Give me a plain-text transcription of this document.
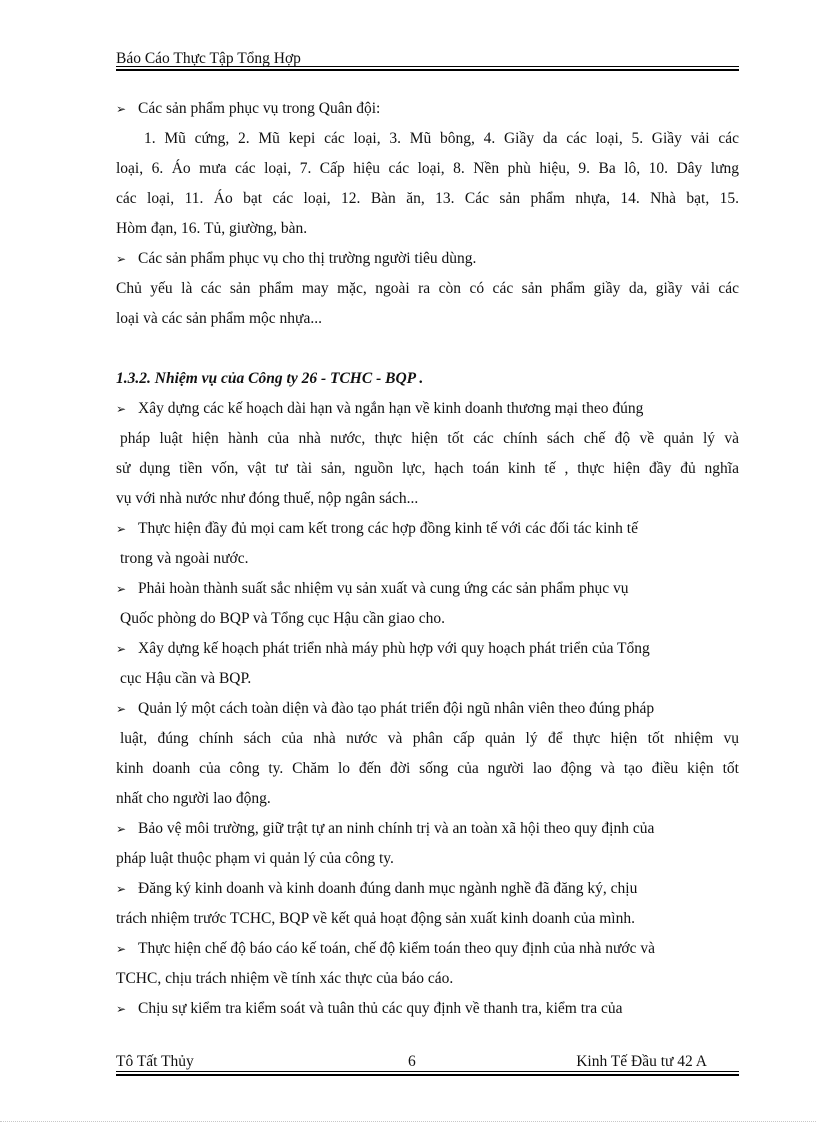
Báo Cáo Thực Tập Tổng Hợp
➢ Các sản phẩm phục vụ trong Quân đội:
1. Mũ cứng, 2. Mũ kepi các loại, 3. Mũ bông, 4. Giầy da các loại, 5. Giầy vải các
loại, 6. Áo mưa các loại, 7. Cấp hiệu các loại, 8. Nền phù hiệu, 9. Ba lô, 10. Dây lưng
các loại, 11. Áo bạt các loại, 12. Bàn ăn, 13. Các sản phẩm nhựa, 14. Nhà bạt, 15.
Hòm đạn, 16. Tủ, giường, bàn.
➢ Các sản phẩm phục vụ cho thị trường người tiêu dùng.
Chủ yếu là các sản phẩm may mặc, ngoài ra còn có các sản phẩm giầy da, giầy vải các
loại và các sản phẩm mộc nhựa...
1.3.2. Nhiệm vụ của Công ty 26 - TCHC - BQP .
➢ Xây dựng các kế hoạch dài hạn và ngắn hạn về kinh doanh thương mại theo đúng
pháp luật hiện hành của nhà nước, thực hiện tốt các chính sách chế độ về quản lý và
sử dụng tiền vốn, vật tư tài sản, nguồn lực, hạch toán kinh tế , thực hiện đầy đủ nghĩa
vụ với nhà nước như đóng thuế, nộp ngân sách...
➢ Thực hiện đầy đủ mọi cam kết trong các hợp đồng kinh tế với các đối tác kinh tế
trong và ngoài nước.
➢ Phải hoàn thành suất sắc nhiệm vụ sản xuất và cung ứng các sản phẩm phục vụ
Quốc phòng do BQP và Tổng cục Hậu cần giao cho.
➢ Xây dựng kế hoạch phát triển nhà máy phù hợp với quy hoạch phát triển của Tổng
cục Hậu cần và BQP.
➢ Quản lý một cách toàn diện và đào tạo phát triển đội ngũ nhân viên theo đúng pháp
luật, đúng chính sách của nhà nước và phân cấp quản lý để thực hiện tốt nhiệm vụ
kinh doanh của công ty. Chăm lo đến đời sống của người lao động và tạo điều kiện tốt
nhất cho người lao động.
➢ Bảo vệ môi trường, giữ trật tự an ninh chính trị và an toàn xã hội theo quy định của
pháp luật thuộc phạm vi quản lý của công ty.
➢ Đăng ký kinh doanh và kinh doanh đúng danh mục ngành nghề đã đăng ký, chịu
trách nhiệm trước TCHC, BQP về kết quả hoạt động sản xuất kinh doanh của mình.
➢ Thực hiện chế độ báo cáo kế toán, chế độ kiểm toán theo quy định của nhà nước và
TCHC, chịu trách nhiệm về tính xác thực của báo cáo.
➢ Chịu sự kiểm tra kiểm soát và tuân thủ các quy định về thanh tra, kiểm tra của
Tô Tất Thủy	6	Kinh Tế Đầu tư 42 A
